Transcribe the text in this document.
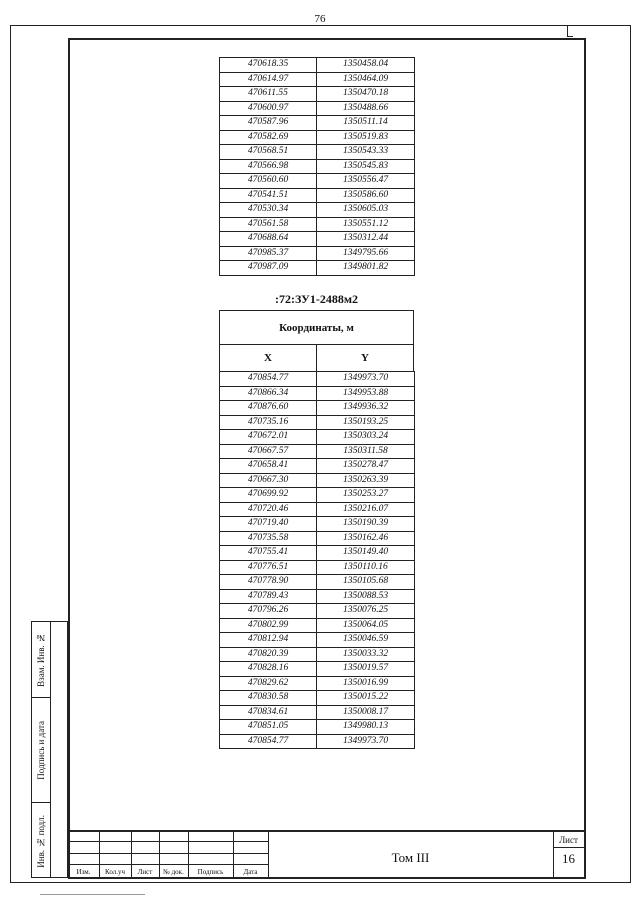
76
470618.35	1350458.04
470614.97	1350464.09
470611.55	1350470.18
470600.97	1350488.66
470587.96	1350511.14
470582.69	1350519.83
470568.51	1350543.33
470566.98	1350545.83
470560.60	1350556.47
470541.51	1350586.60
470530.34	1350605.03
470561.58	1350551.12
470688.64	1350312.44
470985.37	1349795.66
470987.09	1349801.82
:72:ЗУ1-2488м2
Координаты, м
X	Y
470854.77	1349973.70
470866.34	1349953.88
470876.60	1349936.32
470735.16	1350193.25
470672.01	1350303.24
470667.57	1350311.58
470658.41	1350278.47
470667.30	1350263.39
470699.92	1350253.27
470720.46	1350216.07
470719.40	1350190.39
470735.58	1350162.46
470755.41	1350149.40
470776.51	1350110.16
470778.90	1350105.68
470789.43	1350088.53
470796.26	1350076.25
470802.99	1350064.05
470812.94	1350046.59
470820.39	1350033.32
470828.16	1350019.57
470829.62	1350016.99
470830.58	1350015.22
470834.61	1350008.17
470851.05	1349980.13
470854.77	1349973.70
Взам. Инв. №
Подпись и дата
Инв. № подл.
Изм.	Кол.уч	Лист	№ док.	Подпись	Дата
Том III
Лист
16
